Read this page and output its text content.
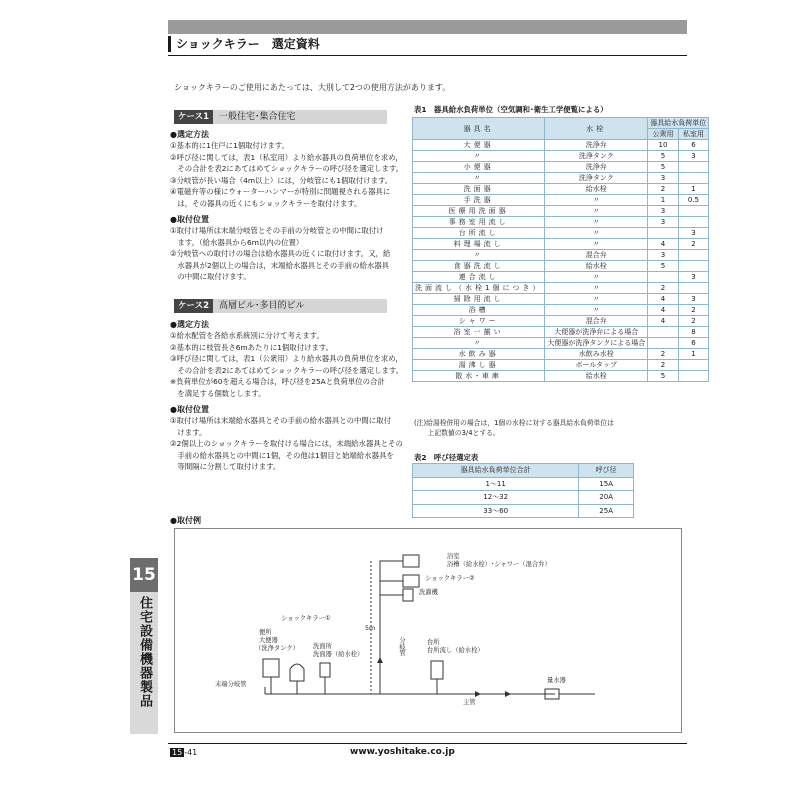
ショックキラー　選定資料
ショックキラーのご使用にあたっては、大別して2つの使用方法があります。
ケース1 一般住宅･集合住宅
●選定方法
①基本的に1住戸に1個取付けます。
②呼び径に関しては，表1（私室用）より給水器具の負荷単位を求め，
　その合計を表2にあてはめてショックキラーの呼び径を選定します。
③分岐管が長い場合（4m以上）には，分岐管にも1個取付けます。
④電磁弁等の様にウォーターハンマーが特別に問題視される器具に
　は，その器具の近くにもショックキラーを取付けます。
●取付位置
①取付け場所は末端分岐管とその手前の分岐管との中間に取付け
　ます。（給水器具から6m以内の位置）
②分岐管への取付けの場合は給水器具の近くに取付けます。又，給
　水器具が2個以上の場合は，末端給水器具とその手前の給水器具
　の中間に取付けます。
ケース2 高層ビル･多目的ビル
●選定方法
①給水配管を各給水系統別に分けて考えます。
②基本的に枝管長さ6mあたりに1個取付けます。
③呼び径に関しては，表1（公衆用）より給水器具の負荷単位を求め，
　その合計を表2にあてはめてショックキラーの呼び径を選定します。
※負荷単位が60を超える場合は，呼び径を25Aと負荷単位の合計
　を満足する個数とします。
●取付位置
①取付け場所は末端給水器具とその手前の給水器具との中間に取付
　けます。
②2個以上のショックキラーを取付ける場合には，末端給水器具とその
　手前の給水器具との中間に1個，その他は1個目と始端給水器具を
　等間隔に分割して取付けます。
表1　器具給水負荷単位（空気調和･衛生工学便覧による）
器具名	水栓	器具給水負荷単位	
		公衆用	私室用
大便器	洗浄弁	10	6
〃	洗浄タンク	5	3
小便器	洗浄弁	5	
〃	洗浄タンク	3	
洗面器	給水栓	2	1
手洗器	〃	1	0.5
医療用洗面器	〃	3	
事務室用流し	〃	3	
台所流し	〃		3
料理場流し	〃	4	2
〃	混合弁	3	
食器洗流し	給水栓	5	
連合流し	〃		3
洗面流し（水栓1個につき）	〃	2	
掃除用流し	〃	4	3
浴槽	〃	4	2
シャワー	混合弁	4	2
浴室一揃い	大便器が洗浄弁による場合		8
〃	大便器が洗浄タンクによる場合		6
水飲み器	水飲み水栓	2	1
湯沸し器	ボールタップ	2	
散水･車庫	給水栓	5	
(注)給湯栓併用の場合は，1個の水栓に対する器具給水負荷単位は
　　上記数値の3/4とする。
表2　呼び径選定表
器具給水負荷単位合計	呼び径
1〜11	15A
12〜32	20A
33〜60	25A
●取付例
浴室
浴槽（給水栓）･シャワー（混合弁）
ショックキラー②
洗濯機
ショックキラー①
便所
大便器
（洗浄タンク） 洗面所
洗面器（給水栓）
5m
分岐管	台所
台所流し（給水栓）
末端分岐管
量水器
主管
15
住宅設備機器製品
15 -41	www.yoshitake.co.jp
